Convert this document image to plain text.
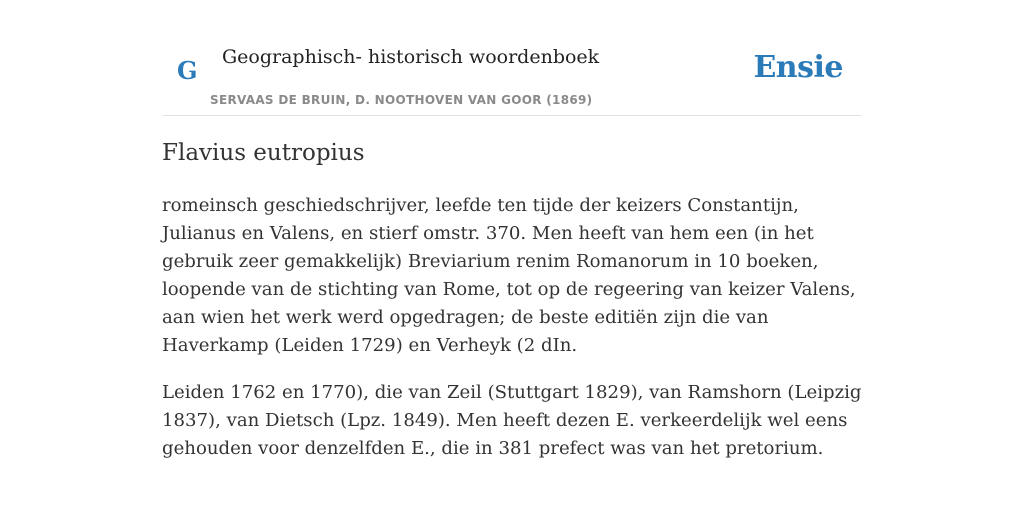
G Geographisch- historisch woordenboek
SERVAAS DE BRUIN, D. NOOTHOVEN VAN GOOR (1869)
Ensie
Flavius eutropius

romeinsch geschiedschrijver, leefde ten tijde der keizers Constantijn, Julianus en Valens, en stierf omstr. 370. Men heeft van hem een (in het gebruik zeer gemakkelijk) Breviarium renim Romanorum in 10 boeken, loopende van de stichting van Rome, tot op de regeering van keizer Valens, aan wien het werk werd opgedragen; de beste editiën zijn die van Haverkamp (Leiden 1729) en Verheyk (2 dIn.

Leiden 1762 en 1770), die van Zeil (Stuttgart 1829), van Ramshorn (Leipzig 1837), van Dietsch (Lpz. 1849). Men heeft dezen E. verkeerdelijk wel eens gehouden voor denzelfden E., die in 381 prefect was van het pretorium.
